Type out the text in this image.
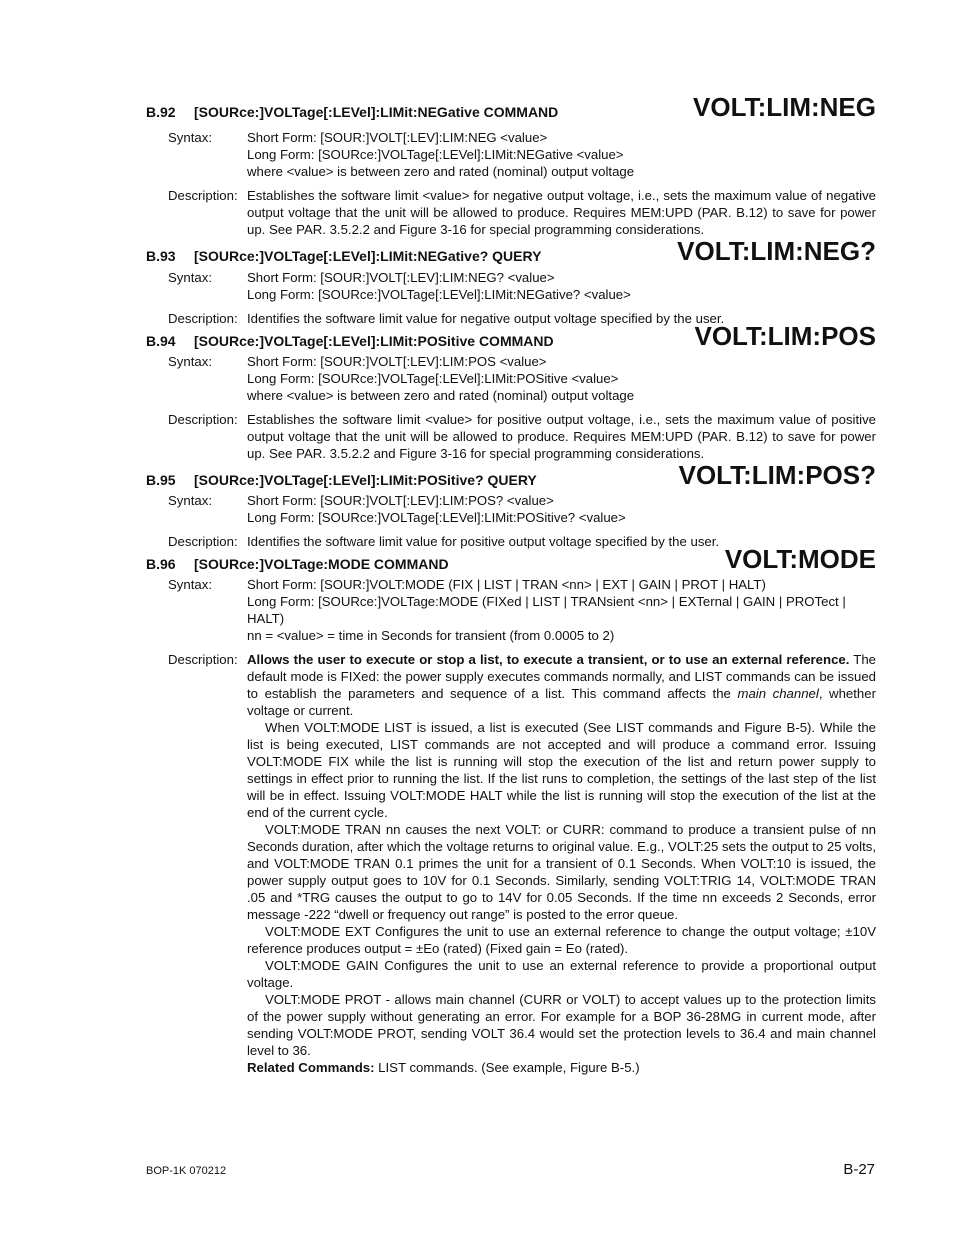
B.92 [SOURce:]VOLTage[:LEVel]:LIMit:NEGative COMMAND	VOLT:LIM:NEG
Syntax:	Short Form: [SOUR:]VOLT[:LEV]:LIM:NEG <value>

Long Form: [SOURce:]VOLTage[:LEVel]:LIMit:NEGative <value>

where <value> is between zero and rated (nominal) output voltage

Description: Establishes the software limit <value> for negative output voltage, i.e., sets the maximum value of negative output voltage that the unit will be allowed to produce. Requires MEM:UPD (PAR. B.12) to save for power up. See PAR. 3.5.2.2 and Figure 3-16 for special programming considerations.

B.93 [SOURce:]VOLTage[:LEVel]:LIMit:NEGative? QUERY	VOLT:LIM:NEG?
Syntax:	Short Form: [SOUR:]VOLT[:LEV]:LIM:NEG? <value>

Long Form: [SOURce:]VOLTage[:LEVel]:LIMit:NEGative? <value>

Description: Identifies the software limit value for negative output voltage specified by the user.

B.94 [SOURce:]VOLTage[:LEVel]:LIMit:POSitive COMMAND	VOLT:LIM:POS
Syntax:	Short Form: [SOUR:]VOLT[:LEV]:LIM:POS <value>

Long Form: [SOURce:]VOLTage[:LEVel]:LIMit:POSitive <value>

where <value> is between zero and rated (nominal) output voltage

Description: Establishes the software limit <value> for positive output voltage, i.e., sets the maximum value of positive output voltage that the unit will be allowed to produce. Requires MEM:UPD (PAR. B.12) to save for power up. See PAR. 3.5.2.2 and Figure 3-16 for special programming considerations.

B.95 [SOURce:]VOLTage[:LEVel]:LIMit:POSitive? QUERY	VOLT:LIM:POS?
Syntax:	Short Form: [SOUR:]VOLT[:LEV]:LIM:POS? <value>

Long Form: [SOURce:]VOLTage[:LEVel]:LIMit:POSitive? <value>

Description: Identifies the software limit value for positive output voltage specified by the user.

B.96 [SOURce:]VOLTage:MODE COMMAND	VOLT:MODE
Syntax:	Short Form: [SOUR:]VOLT:MODE (FIX | LIST | TRAN <nn> | EXT | GAIN | PROT | HALT)

Long Form: [SOURce:]VOLTage:MODE (FIXed | LIST | TRANsient <nn> | EXTernal | GAIN | PROTect | HALT)

nn = <value> = time in Seconds for transient (from 0.0005 to 2)

Description: Allows the user to execute or stop a list, to execute a transient, or to use an external reference. The default mode is FIXed: the power supply executes commands normally, and LIST commands can be issued to establish the parameters and sequence of a list. This command affects the main channel, whether voltage or current.

When VOLT:MODE LIST is issued, a list is executed (See LIST commands and Figure B-5). While the list is being executed, LIST commands are not accepted and will produce a command error. Issuing VOLT:MODE FIX while the list is running will stop the execution of the list and return power supply to settings in effect prior to running the list. If the list runs to completion, the settings of the last step of the list will be in effect. Issuing VOLT:MODE HALT while the list is running will stop the execution of the list at the end of the current cycle.

VOLT:MODE TRAN nn causes the next VOLT: or CURR: command to produce a transient pulse of nn Seconds duration, after which the voltage returns to original value. E.g., VOLT:25 sets the output to 25 volts, and VOLT:MODE TRAN 0.1 primes the unit for a transient of 0.1 Seconds. When VOLT:10 is issued, the power supply output goes to 10V for 0.1 Seconds. Similarly, sending VOLT:TRIG 14, VOLT:MODE TRAN .05 and *TRG causes the output to go to 14V for 0.05 Seconds. If the time nn exceeds 2 Seconds, error message -222 “dwell or frequency out range” is posted to the error queue.

VOLT:MODE EXT Configures the unit to use an external reference to change the output voltage; ±10V reference produces output = ±Eo (rated) (Fixed gain = Eo (rated).

VOLT:MODE GAIN Configures the unit to use an external reference to provide a proportional output voltage.

VOLT:MODE PROT - allows main channel (CURR or VOLT) to accept values up to the protection limits of the power supply without generating an error. For example for a BOP 36-28MG in current mode, after sending VOLT:MODE PROT, sending VOLT 36.4 would set the protection levels to 36.4 and main channel level to 36.

Related Commands: LIST commands. (See example, Figure B-5.)

BOP-1K 070212	B-27
